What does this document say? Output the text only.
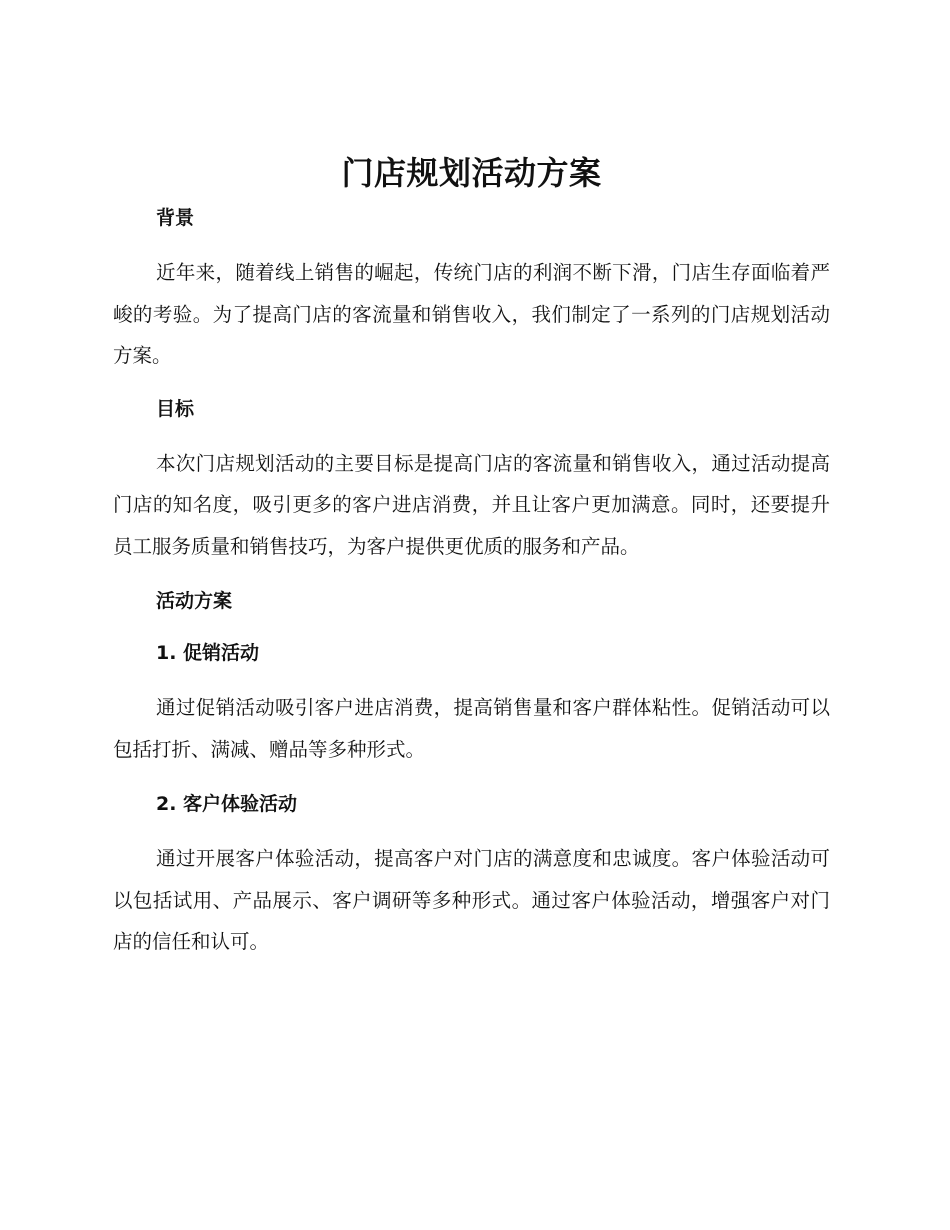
门店规划活动方案
背景

近年来，随着线上销售的崛起，传统门店的利润不断下滑，门店生存面临着严峻的考验。为了提高门店的客流量和销售收入，我们制定了一系列的门店规划活动方案。

目标

本次门店规划活动的主要目标是提高门店的客流量和销售收入，通过活动提高门店的知名度，吸引更多的客户进店消费，并且让客户更加满意。同时，还要提升员工服务质量和销售技巧，为客户提供更优质的服务和产品。

活动方案
1. 促销活动

通过促销活动吸引客户进店消费，提高销售量和客户群体粘性。促销活动可以包括打折、满减、赠品等多种形式。

2. 客户体验活动

通过开展客户体验活动，提高客户对门店的满意度和忠诚度。客户体验活动可以包括试用、产品展示、客户调研等多种形式。通过客户体验活动，增强客户对门店的信任和认可。
